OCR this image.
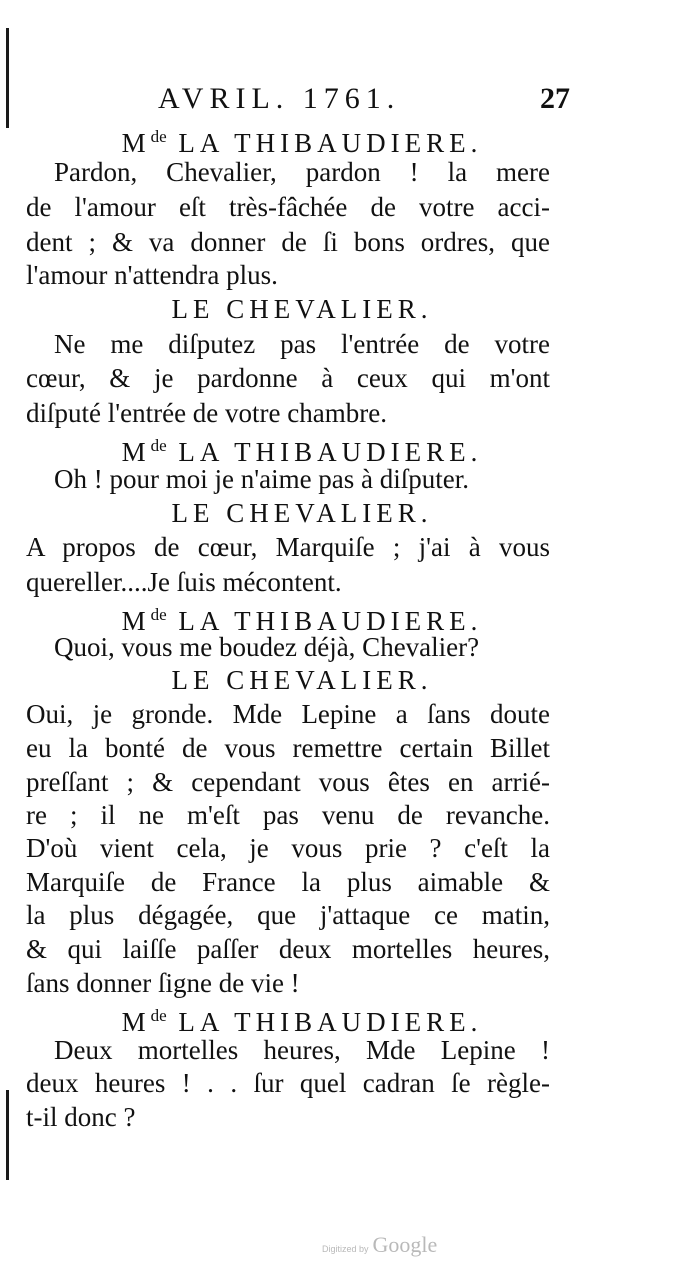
AVRIL. 1761.	27
Mde LA THIBAUDIERE.
Pardon, Chevalier, pardon ! la mere
de l'amour eſt très-fâchée de votre acci-
dent ; & va donner de ſi bons ordres, que
l'amour n'attendra plus.
LE CHEVALIER.
Ne me diſputez pas l'entrée de votre
cœur, & je pardonne à ceux qui m'ont
diſputé l'entrée de votre chambre.
Mde LA THIBAUDIERE.
Oh ! pour moi je n'aime pas à diſputer.
LE CHEVALIER.
A propos de cœur, Marquiſe ; j'ai à vous
quereller....Je ſuis mécontent.
Mde LA THIBAUDIERE.
Quoi, vous me boudez déjà, Chevalier?
LE CHEVALIER.
Oui, je gronde. Mde Lepine a ſans doute
eu la bonté de vous remettre certain Billet
preſſant ; & cependant vous êtes en arrié-
re ; il ne m'eſt pas venu de revanche.
D'où vient cela, je vous prie ? c'eſt la
Marquiſe de France la plus aimable &
la plus dégagée, que j'attaque ce matin,
& qui laiſſe paſſer deux mortelles heures,
ſans donner ſigne de vie !
Mde LA THIBAUDIERE.
Deux mortelles heures, Mde Lepine !
deux heures ! . . ſur quel cadran ſe règle-
t-il donc ?
Digitized by Google
